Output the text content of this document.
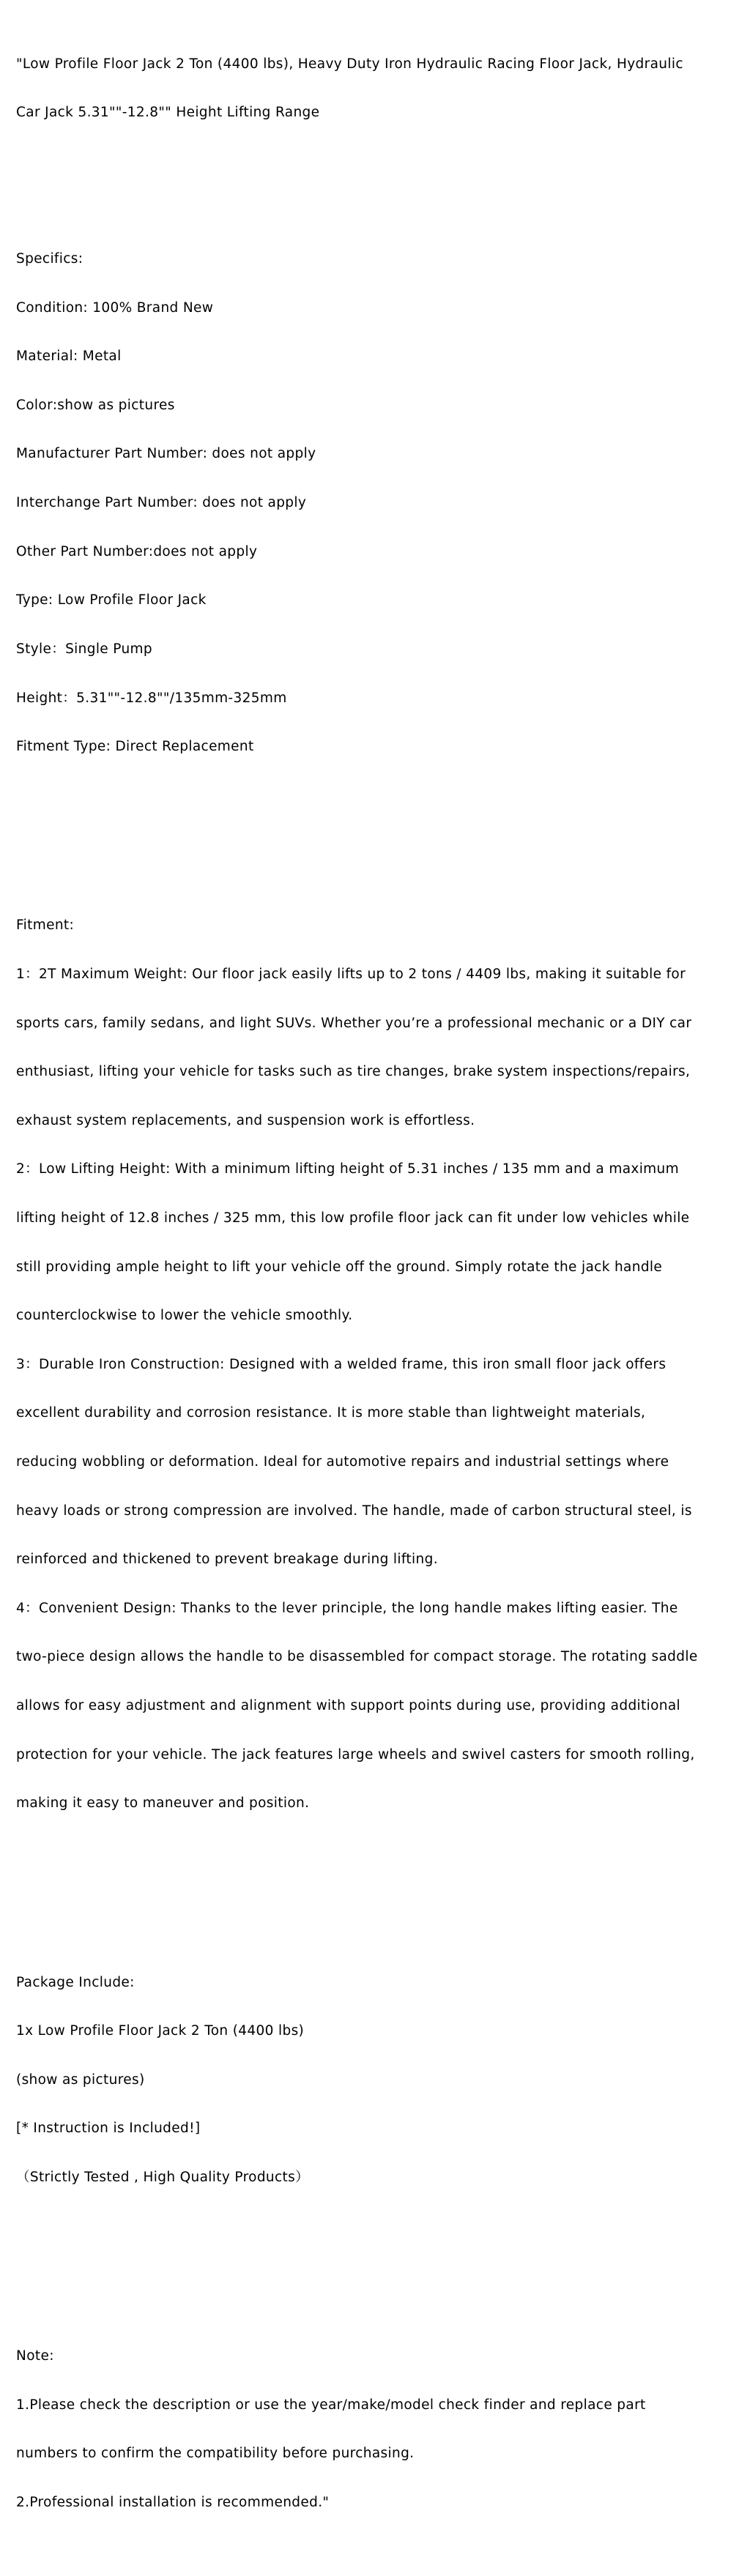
"Low Profile Floor Jack 2 Ton (4400 lbs), Heavy Duty Iron Hydraulic Racing Floor Jack, Hydraulic

Car Jack 5.31""-12.8"" Height Lifting Range

Specifics:

Condition: 100% Brand New

Material: Metal

Color:show as pictures

Manufacturer Part Number: does not apply

Interchange Part Number: does not apply

Other Part Number:does not apply

Type: Low Profile Floor Jack

Style：Single Pump

Height：5.31""-12.8""/135mm-325mm

Fitment Type: Direct Replacement

Fitment:

1：2T Maximum Weight: Our floor jack easily lifts up to 2 tons / 4409 lbs, making it suitable for

sports cars, family sedans, and light SUVs. Whether you’re a professional mechanic or a DIY car

enthusiast, lifting your vehicle for tasks such as tire changes, brake system inspections/repairs,

exhaust system replacements, and suspension work is effortless.

2：Low Lifting Height: With a minimum lifting height of 5.31 inches / 135 mm and a maximum

lifting height of 12.8 inches / 325 mm, this low profile floor jack can fit under low vehicles while

still providing ample height to lift your vehicle off the ground. Simply rotate the jack handle

counterclockwise to lower the vehicle smoothly.

3：Durable Iron Construction: Designed with a welded frame, this iron small floor jack offers

excellent durability and corrosion resistance. It is more stable than lightweight materials,

reducing wobbling or deformation. Ideal for automotive repairs and industrial settings where

heavy loads or strong compression are involved. The handle, made of carbon structural steel, is

reinforced and thickened to prevent breakage during lifting.

4：Convenient Design: Thanks to the lever principle, the long handle makes lifting easier. The

two-piece design allows the handle to be disassembled for compact storage. The rotating saddle

allows for easy adjustment and alignment with support points during use, providing additional

protection for your vehicle. The jack features large wheels and swivel casters for smooth rolling,

making it easy to maneuver and position.

Package Include:

1x Low Profile Floor Jack 2 Ton (4400 lbs)

(show as pictures)

[* Instruction is Included!]

（Strictly Tested , High Quality Products）

Note:

1.Please check the description or use the year/make/model check finder and replace part

numbers to confirm the compatibility before purchasing.

2.Professional installation is recommended."
